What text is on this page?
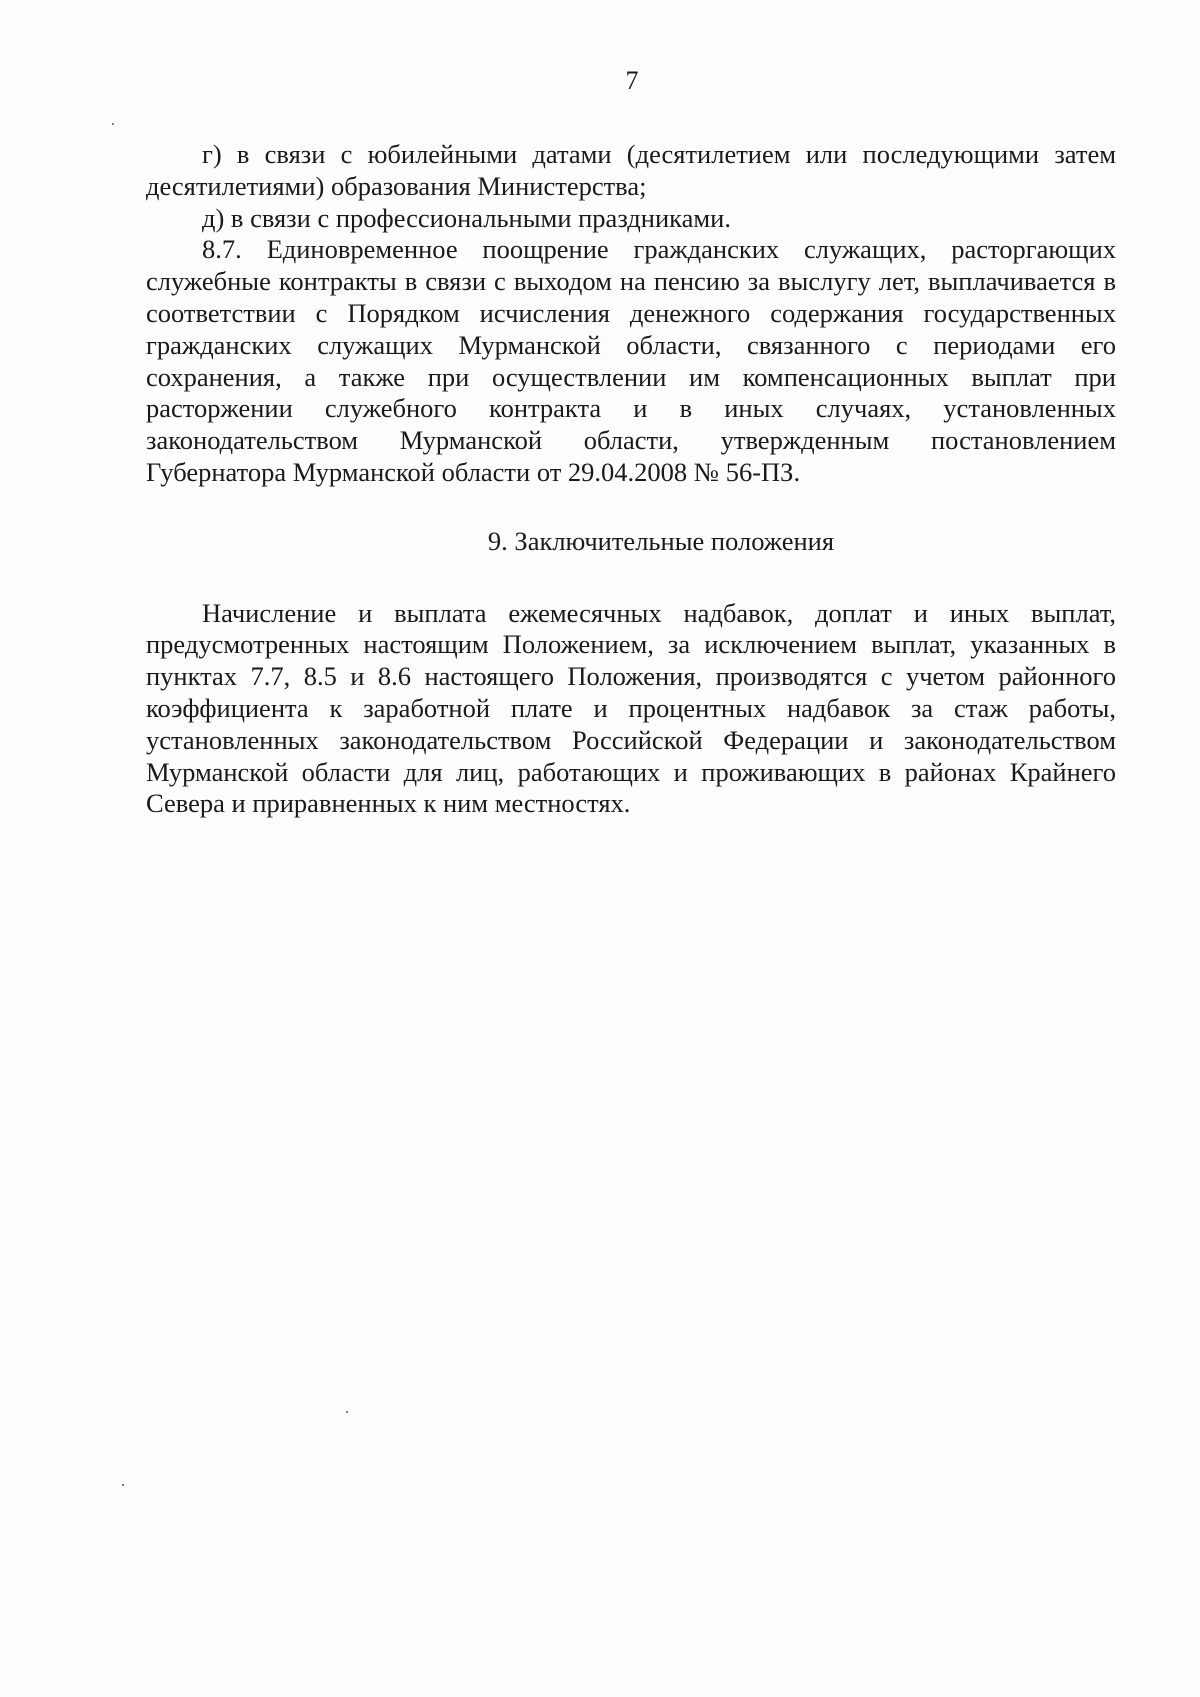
7

г) в связи с юбилейными датами (десятилетием или последующими затем десятилетиями) образования Министерства;

д) в связи с профессиональными праздниками.

8.7. Единовременное поощрение гражданских служащих, расторгающих служебные контракты в связи с выходом на пенсию за выслугу лет, выплачивается в соответствии с Порядком исчисления денежного содержания государственных гражданских служащих Мурманской области, связанного с периодами его сохранения, а также при осуществлении им компенсационных выплат при расторжении служебного контракта и в иных случаях, установленных законодательством Мурманской области, утвержденным постановлением Губернатора Мурманской области от 29.04.2008 № 56-ПЗ.

9. Заключительные положения

Начисление и выплата ежемесячных надбавок, доплат и иных выплат, предусмотренных настоящим Положением, за исключением выплат, указанных в пунктах 7.7, 8.5 и 8.6 настоящего Положения, производятся с учетом районного коэффициента к заработной плате и процентных надбавок за стаж работы, установленных законодательством Российской Федерации и законодательством Мурманской области для лиц, работающих и проживающих в районах Крайнего Севера и приравненных к ним местностях.
